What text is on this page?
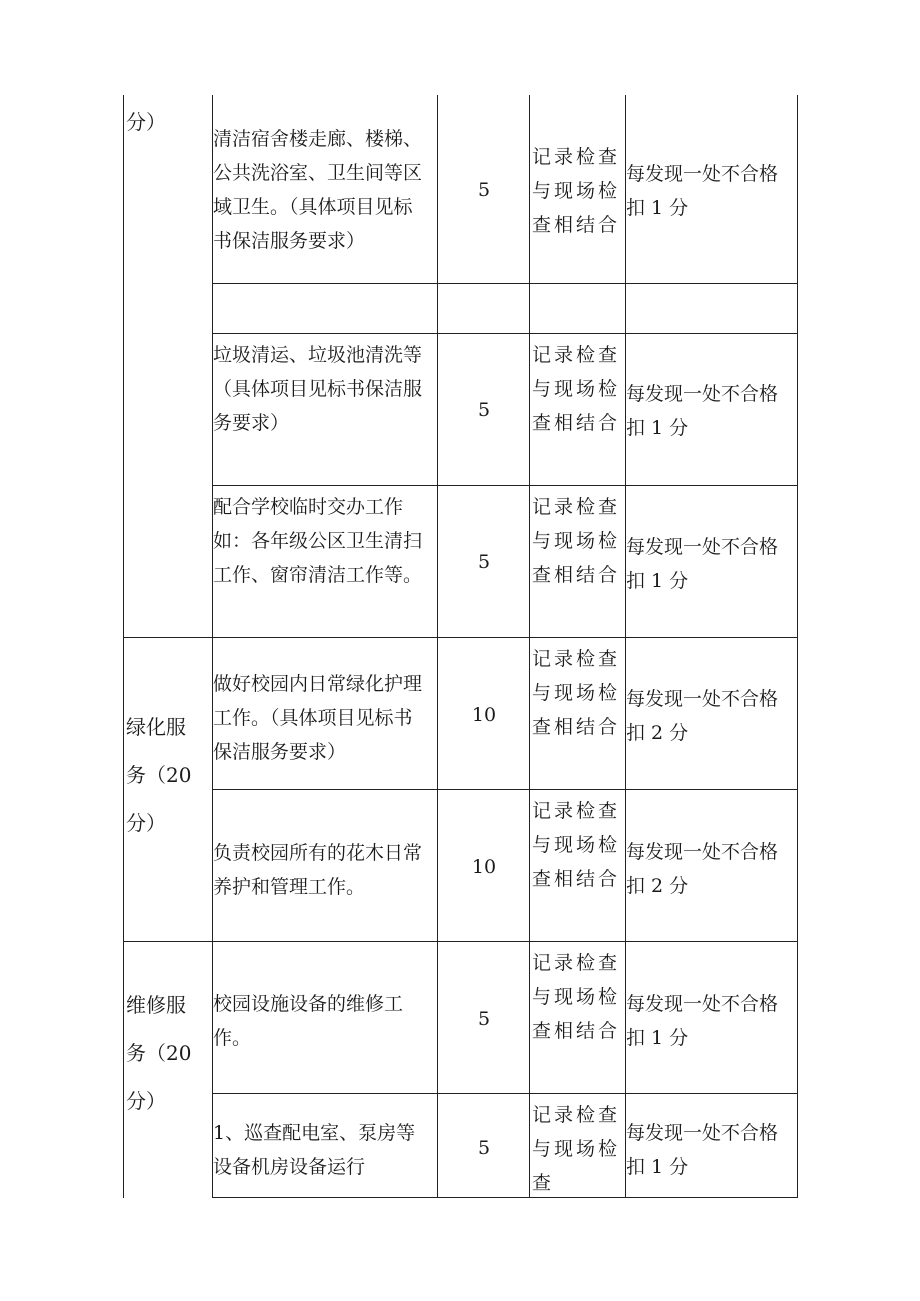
分）
绿化服
务（20
分）
维修服
务（20
分）
清洁宿舍楼走廊、楼梯、
公共洗浴室、卫生间等区
域卫生。（具体项目见标
书保洁服务要求）
5
记录检查
与现场检
查相结合
每发现一处不合格
扣 1 分
垃圾清运、垃圾池清洗等
（具体项目见标书保洁服
务要求）
5
记录检查
与现场检
查相结合
每发现一处不合格
扣 1 分
配合学校临时交办工作
如：各年级公区卫生清扫
工作、窗帘清洁工作等。
5
记录检查
与现场检
查相结合
每发现一处不合格
扣 1 分
做好校园内日常绿化护理
工作。（具体项目见标书
保洁服务要求）
10
记录检查
与现场检
查相结合
每发现一处不合格
扣 2 分
负责校园所有的花木日常
养护和管理工作。
10
记录检查
与现场检
查相结合
每发现一处不合格
扣 2 分
校园设施设备的维修工
作。
5
记录检查
与现场检
查相结合
每发现一处不合格
扣 1 分
1、巡查配电室、泵房等
设备机房设备运行
5
记录检查
与现场检
查
每发现一处不合格
扣 1 分
